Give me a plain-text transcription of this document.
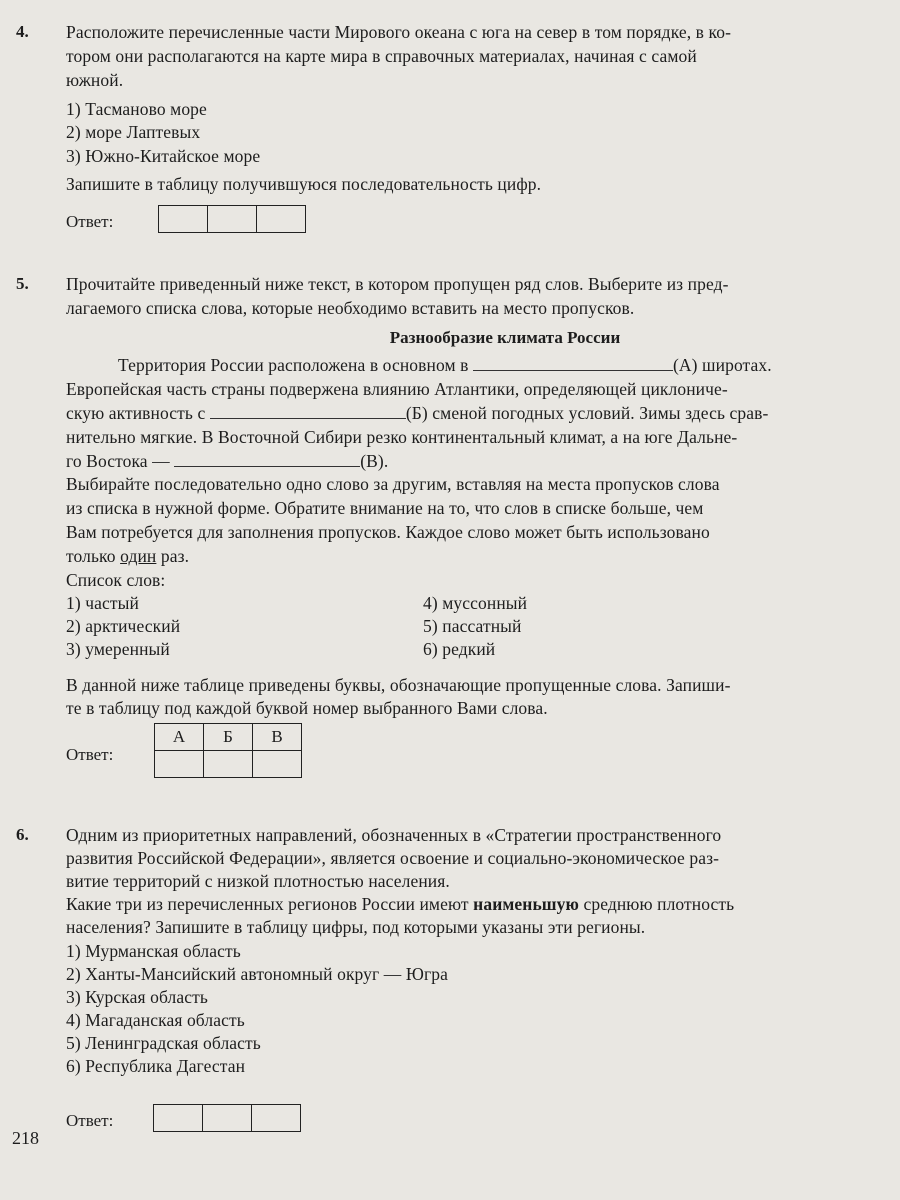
4. Расположите перечисленные части Мирового океана с юга на север в том порядке, в ко-
тором они располагаются на карте мира в справочных материалах, начиная с самой
южной.
1) Тасманово море
2) море Лаптевых
3) Южно-Китайское море
Запишите в таблицу получившуюся последовательность цифр.
Ответ:

5. Прочитайте приведенный ниже текст, в котором пропущен ряд слов. Выберите из пред-
лагаемого списка слова, которые необходимо вставить на место пропусков.
Разнообразие климата России
Территория России расположена в основном в	(А) широтах.
Европейская часть страны подвержена влиянию Атлантики, определяющей циклониче-
скую активность с	(Б) сменой погодных условий. Зимы здесь срав-
нительно мягкие. В Восточной Сибири резко континентальный климат, а на юге Дальне-
го Востока —	(В).
Выбирайте последовательно одно слово за другим, вставляя на места пропусков слова
из списка в нужной форме. Обратите внимание на то, что слов в списке больше, чем
Вам потребуется для заполнения пропусков. Каждое слово может быть использовано
только один раз.
Список слов:
1) частый
2) арктический
3) умеренный
4) муссонный
5) пассатный
6) редкий
В данной ниже таблице приведены буквы, обозначающие пропущенные слова. Запиши-
те в таблицу под каждой буквой номер выбранного Вами слова.
Ответ:
А	Б	В

6. Одним из приоритетных направлений, обозначенных в «Стратегии пространственного
развития Российской Федерации», является освоение и социально-экономическое раз-
витие территорий с низкой плотностью населения.
Какие три из перечисленных регионов России имеют наименьшую среднюю плотность
населения? Запишите в таблицу цифры, под которыми указаны эти регионы.
1) Мурманская область
2) Ханты-Мансийский автономный округ — Югра
3) Курская область
4) Магаданская область
5) Ленинградская область
6) Республика Дагестан
Ответ:

218
